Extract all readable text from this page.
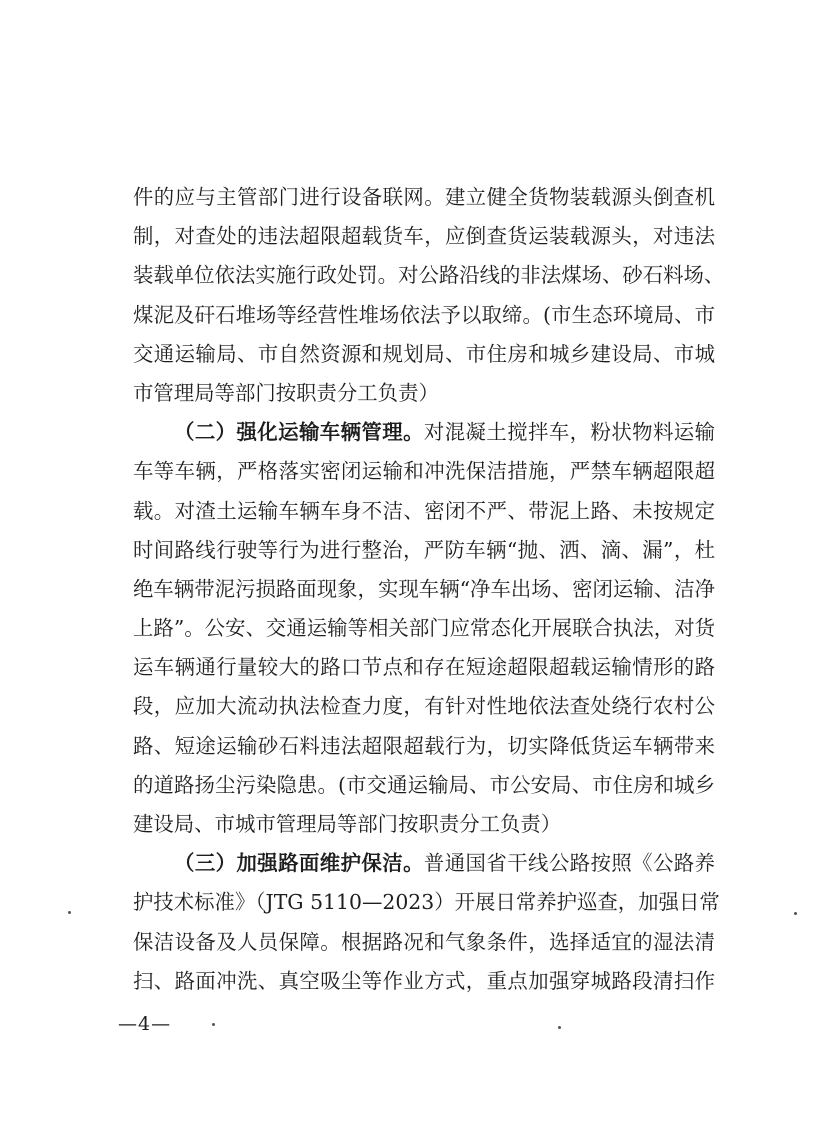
件的应与主管部门进行设备联网。建立健全货物装载源头倒查机
制，对查处的违法超限超载货车，应倒查货运装载源头，对违法
装载单位依法实施行政处罚。对公路沿线的非法煤场、砂石料场、
煤泥及矸石堆场等经营性堆场依法予以取缔。(市生态环境局、市
交通运输局、市自然资源和规划局、市住房和城乡建设局、市城
市管理局等部门按职责分工负责）
（二）强化运输车辆管理。对混凝土搅拌车，粉状物料运输
车等车辆，严格落实密闭运输和冲洗保洁措施，严禁车辆超限超
载。对渣土运输车辆车身不洁、密闭不严、带泥上路、未按规定
时间路线行驶等行为进行整治，严防车辆“抛、洒、滴、漏”，杜
绝车辆带泥污损路面现象，实现车辆“净车出场、密闭运输、洁净
上路”。公安、交通运输等相关部门应常态化开展联合执法，对货
运车辆通行量较大的路口节点和存在短途超限超载运输情形的路
段，应加大流动执法检查力度，有针对性地依法查处绕行农村公
路、短途运输砂石料违法超限超载行为，切实降低货运车辆带来
的道路扬尘污染隐患。(市交通运输局、市公安局、市住房和城乡
建设局、市城市管理局等部门按职责分工负责）
（三）加强路面维护保洁。普通国省干线公路按照《公路养
护技术标准》（JTG 5110—2023）开展日常养护巡查，加强日常
保洁设备及人员保障。根据路况和气象条件，选择适宜的湿法清
扫、路面冲洗、真空吸尘等作业方式，重点加强穿城路段清扫作
—4—
